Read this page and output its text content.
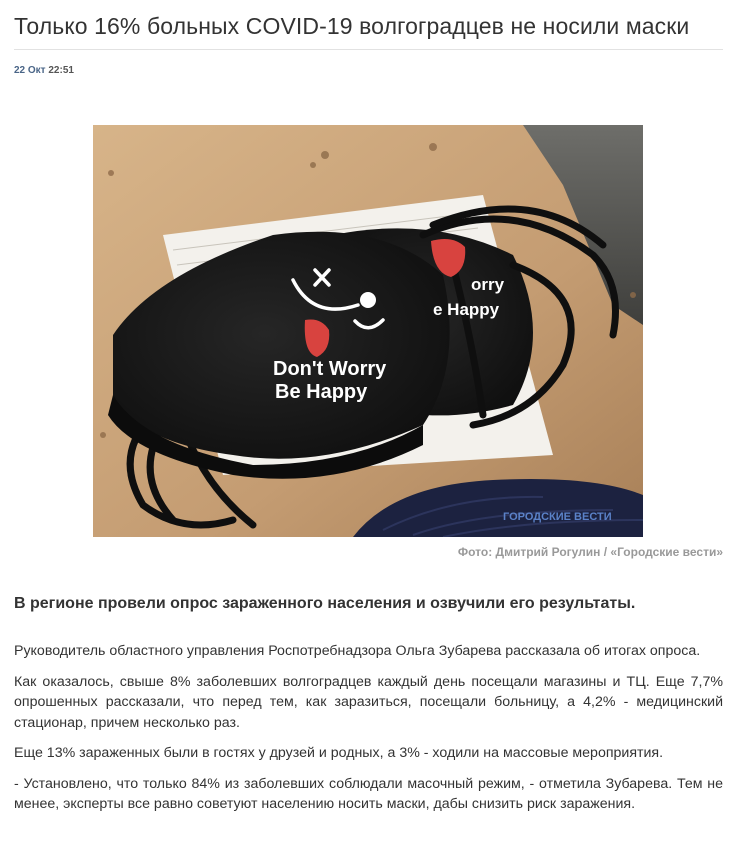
Только 16% больных COVID-19 волгоградцев не носили маски
22 Окт 22:51
Don't Worry
Be Happy
orry
e Happy
ГОРОДСКИЕ ВЕСТИ
Фото: Дмитрий Рогулин / «Городские вести»
В регионе провели опрос зараженного населения и озвучили его результаты.

Руководитель областного управления Роспотребнадзора Ольга Зубарева рассказала об итогах опроса.

Как оказалось, свыше 8% заболевших волгоградцев каждый день посещали магазины и ТЦ. Еще 7,7% опрошенных рассказали, что перед тем, как заразиться, посещали больницу, а 4,2% - медицинский стационар, причем несколько раз.

Еще 13% зараженных были в гостях у друзей и родных, а 3% - ходили на массовые мероприятия.

- Установлено, что только 84% из заболевших соблюдали масочный режим, - отметила Зубарева. Тем не менее, эксперты все равно советуют населению носить маски, дабы снизить риск заражения.
